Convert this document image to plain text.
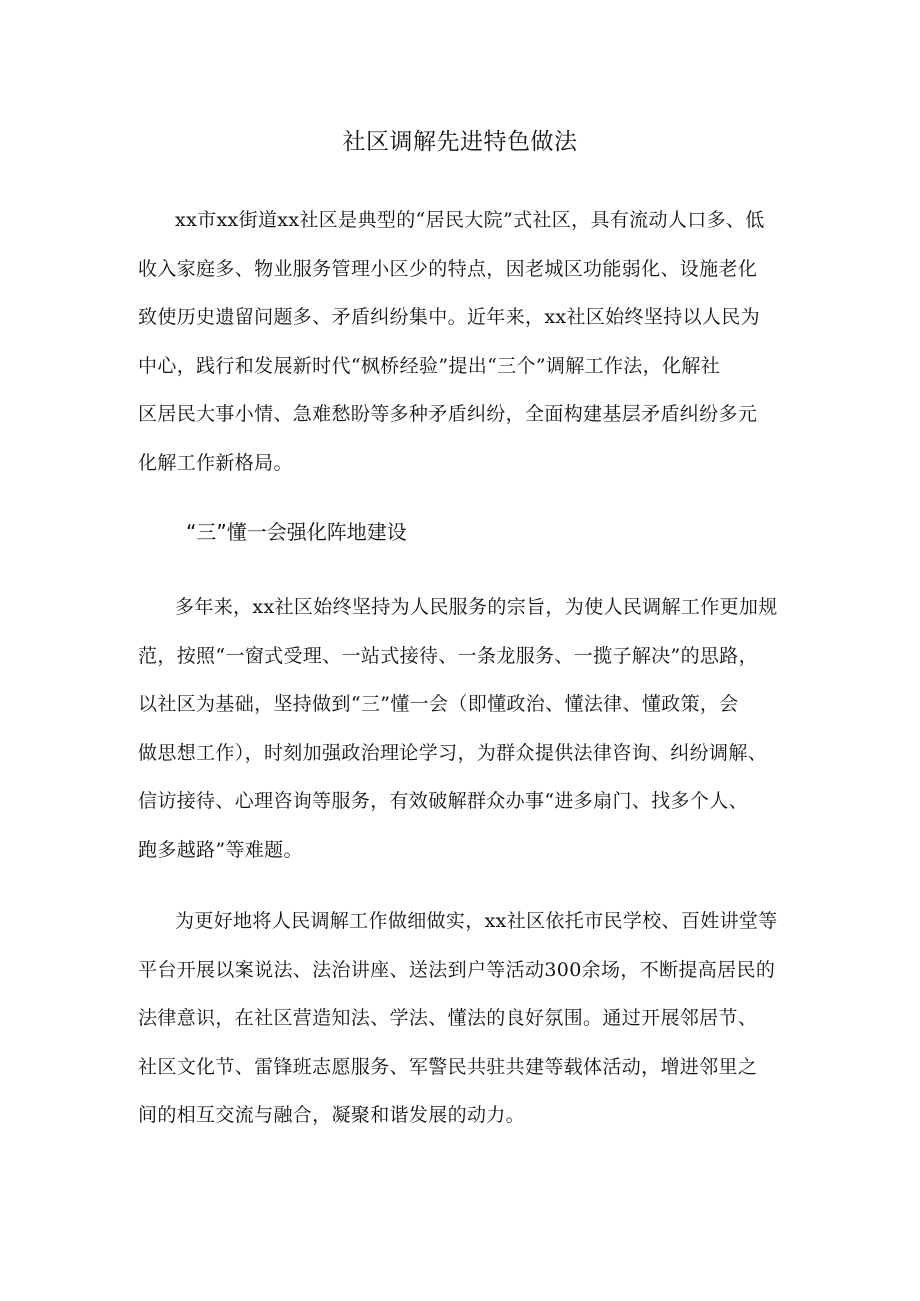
社区调解先进特色做法
xx市xx街道xx社区是典型的“居民大院”式社区，具有流动人口多、低
收入家庭多、物业服务管理小区少的特点，因老城区功能弱化、设施老化
致使历史遗留问题多、矛盾纠纷集中。近年来，xx社区始终坚持以人民为
中心，践行和发展新时代“枫桥经验”提出“三个”调解工作法，化解社
区居民大事小情、急难愁盼等多种矛盾纠纷，全面构建基层矛盾纠纷多元
化解工作新格局。
“三”懂一会强化阵地建设
多年来，xx社区始终坚持为人民服务的宗旨，为使人民调解工作更加规
范，按照“一窗式受理、一站式接待、一条龙服务、一揽子解决”的思路，
以社区为基础，坚持做到“三”懂一会（即懂政治、懂法律、懂政策，会
做思想工作），时刻加强政治理论学习，为群众提供法律咨询、纠纷调解、
信访接待、心理咨询等服务，有效破解群众办事“进多扇门、找多个人、
跑多越路”等难题。
为更好地将人民调解工作做细做实，xx社区依托市民学校、百姓讲堂等
平台开展以案说法、法治讲座、送法到户等活动300余场，不断提高居民的
法律意识，在社区营造知法、学法、懂法的良好氛围。通过开展邻居节、
社区文化节、雷锋班志愿服务、军警民共驻共建等载体活动，增进邻里之
间的相互交流与融合，凝聚和谐发展的动力。
